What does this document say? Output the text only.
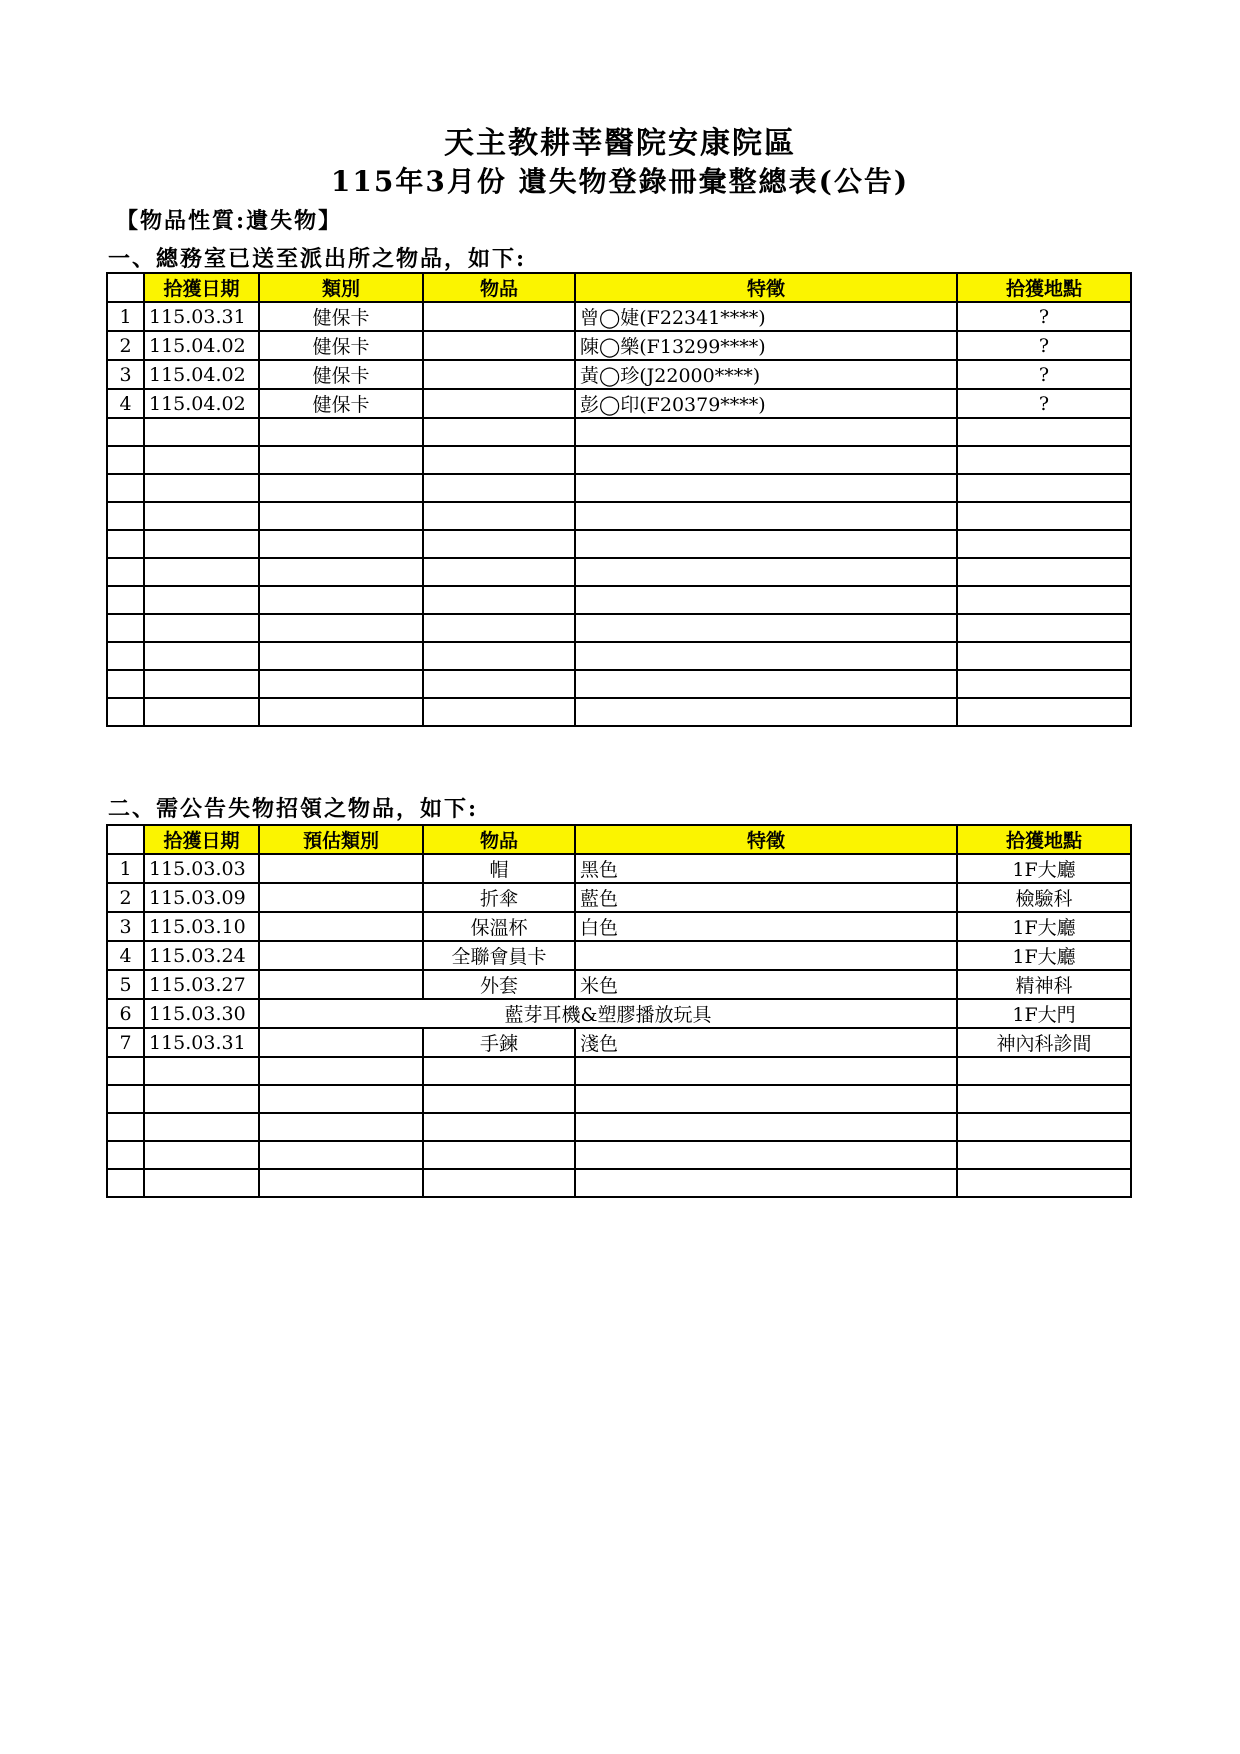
天主教耕莘醫院安康院區
115年3月份 遺失物登錄冊彙整總表(公告)
【物品性質:遺失物】
一、總務室已送至派出所之物品，如下:
	拾獲日期	類別	物品	特徵	拾獲地點
1	115.03.31	健保卡		曾◯婕(F22341****)	?
2	115.04.02	健保卡		陳◯樂(F13299****)	?
3	115.04.02	健保卡		黃◯珍(J22000****)	?
4	115.04.02	健保卡		彭◯印(F20379****)	?

二、需公告失物招領之物品，如下:
	拾獲日期	預估類別	物品	特徵	拾獲地點
1	115.03.03		帽	黑色	1F大廳
2	115.03.09		折傘	藍色	檢驗科
3	115.03.10		保溫杯	白色	1F大廳
4	115.03.24		全聯會員卡		1F大廳
5	115.03.27		外套	米色	精神科
6	115.03.30	藍芽耳機&塑膠播放玩具			1F大門
7	115.03.31		手鍊	淺色	神內科診間
